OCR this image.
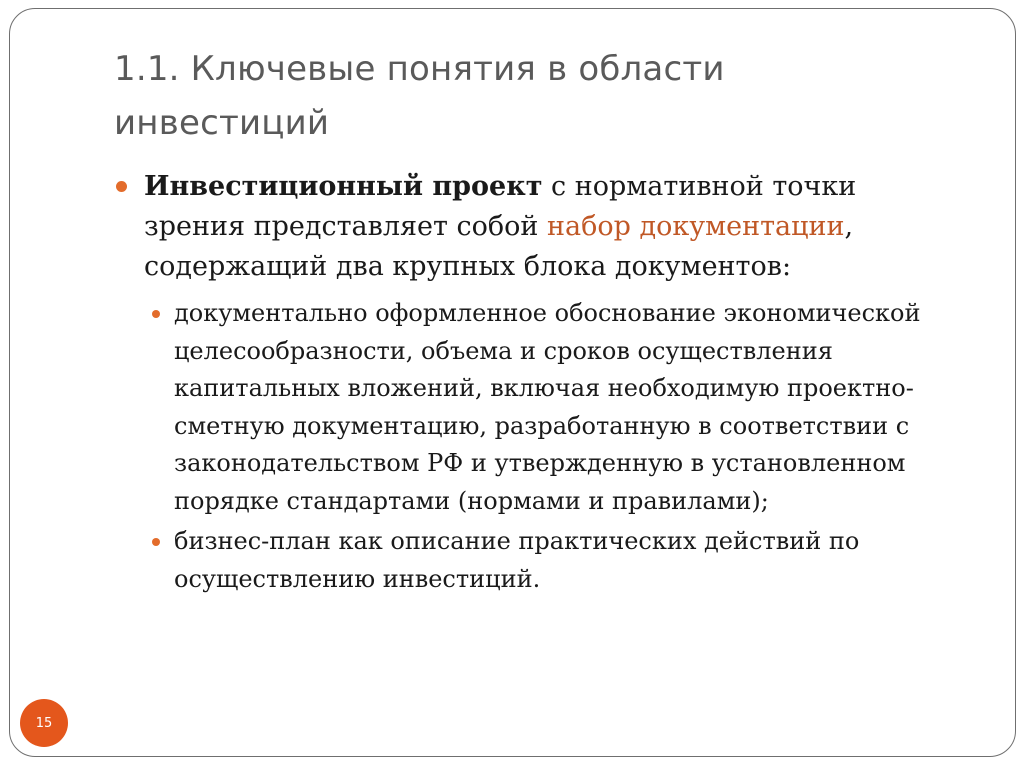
1.1. Ключевые понятия в области инвестиций

Инвестиционный проект с нормативной точки зрения представляет собой набор документации, содержащий два крупных блока документов:

документально оформленное обоснование экономической целесообразности, объема и сроков осуществления капитальных вложений, включая необходимую проектно-сметную документацию, разработанную в соответствии с законодательством РФ и утвержденную в установленном порядке стандартами (нормами и правилами);
бизнес-план как описание практических действий по осуществлению инвестиций.
15
